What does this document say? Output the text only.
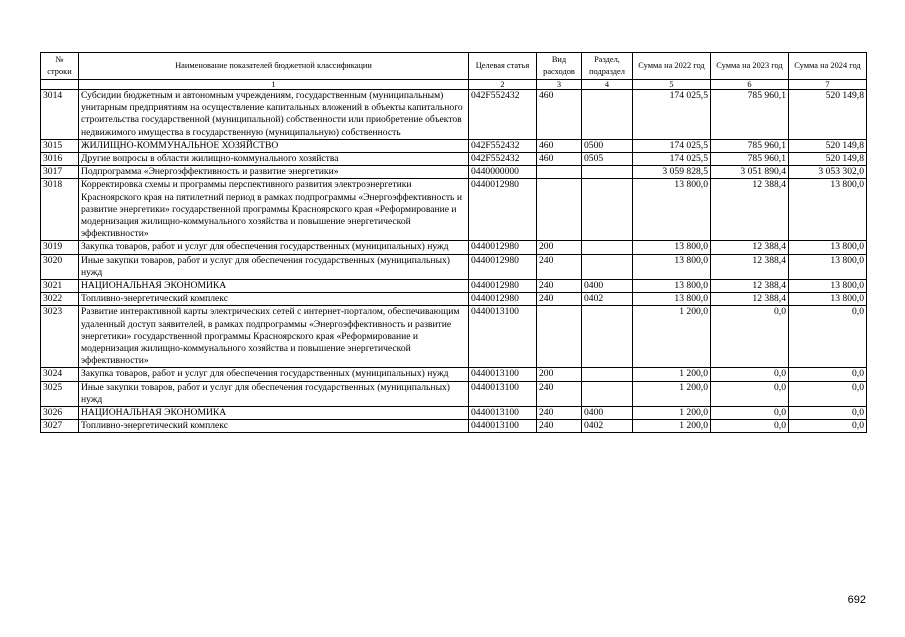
№ строки	Наименование показателей бюджетной классификации	Целевая статья	Вид расходов	Раздел, подраздел	Сумма на 2022 год	Сумма на 2023 год	Сумма на 2024 год
	1	2	3	4	5	6	7
3014	Субсидии бюджетным и автономным учреждениям, государственным (муниципальным) унитарным предприятиям на осуществление капитальных вложений в объекты капитального строительства государственной (муниципальной) собственности или приобретение объектов недвижимого имущества в государственную (муниципальную) собственность	042F552432	460		174 025,5	785 960,1	520 149,8
3015	ЖИЛИЩНО-КОММУНАЛЬНОЕ ХОЗЯЙСТВО	042F552432	460	0500	174 025,5	785 960,1	520 149,8
3016	Другие вопросы в области жилищно-коммунального хозяйства	042F552432	460	0505	174 025,5	785 960,1	520 149,8
3017	Подпрограмма «Энергоэффективность и развитие энергетики»	0440000000			3 059 828,5	3 051 890,4	3 053 302,0
3018	Корректировка схемы и программы перспективного развития электроэнергетики Красноярского края на пятилетний период в рамках подпрограммы «Энергоэффективность и развитие энергетики» государственной программы Красноярского края «Реформирование и модернизация жилищно-коммунального хозяйства и повышение энергетической эффективности»	0440012980			13 800,0	12 388,4	13 800,0
3019	Закупка товаров, работ и услуг для обеспечения государственных (муниципальных) нужд	0440012980	200		13 800,0	12 388,4	13 800,0
3020	Иные закупки товаров, работ и услуг для обеспечения государственных (муниципальных) нужд	0440012980	240		13 800,0	12 388,4	13 800,0
3021	НАЦИОНАЛЬНАЯ ЭКОНОМИКА	0440012980	240	0400	13 800,0	12 388,4	13 800,0
3022	Топливно-энергетический комплекс	0440012980	240	0402	13 800,0	12 388,4	13 800,0
3023	Развитие интерактивной карты электрических сетей с интернет-порталом, обеспечивающим удаленный доступ заявителей, в рамках подпрограммы «Энергоэффективность и развитие энергетики» государственной программы Красноярского края «Реформирование и модернизация жилищно-коммунального хозяйства и повышение энергетической эффективности»	0440013100			1 200,0	0,0	0,0
3024	Закупка товаров, работ и услуг для обеспечения государственных (муниципальных) нужд	0440013100	200		1 200,0	0,0	0,0
3025	Иные закупки товаров, работ и услуг для обеспечения государственных (муниципальных) нужд	0440013100	240		1 200,0	0,0	0,0
3026	НАЦИОНАЛЬНАЯ ЭКОНОМИКА	0440013100	240	0400	1 200,0	0,0	0,0
3027	Топливно-энергетический комплекс	0440013100	240	0402	1 200,0	0,0	0,0
692
